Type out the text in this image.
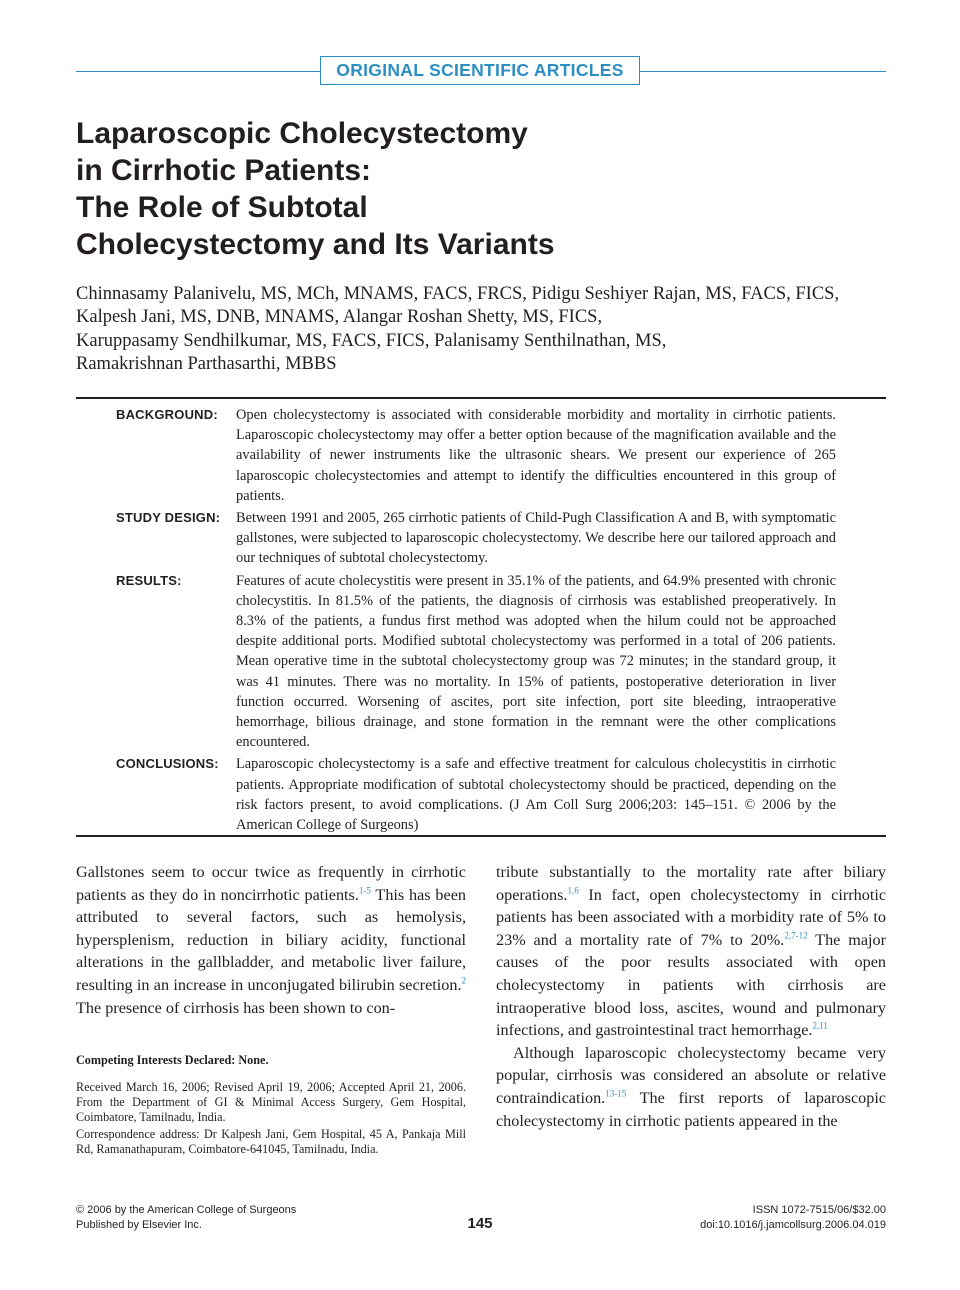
ORIGINAL SCIENTIFIC ARTICLES
Laparoscopic Cholecystectomy
in Cirrhotic Patients:
The Role of Subtotal
Cholecystectomy and Its Variants
Chinnasamy Palanivelu, MS, MCh, MNAMS, FACS, FRCS, Pidigu Seshiyer Rajan, MS, FACS, FICS,
Kalpesh Jani, MS, DNB, MNAMS, Alangar Roshan Shetty, MS, FICS,
Karuppasamy Sendhilkumar, MS, FACS, FICS, Palanisamy Senthilnathan, MS,
Ramakrishnan Parthasarthi, MBBS
BACKGROUND: Open cholecystectomy is associated with considerable morbidity and mortality in cirrhotic patients. Laparoscopic cholecystectomy may offer a better option because of the magnification available and the availability of newer instruments like the ultrasonic shears. We present our experience of 265 laparoscopic cholecystectomies and attempt to identify the difficulties encountered in this group of patients.
STUDY DESIGN: Between 1991 and 2005, 265 cirrhotic patients of Child-Pugh Classification A and B, with symptomatic gallstones, were subjected to laparoscopic cholecystectomy. We describe here our tailored approach and our techniques of subtotal cholecystectomy.
RESULTS:	Features of acute cholecystitis were present in 35.1% of the patients, and 64.9% presented with chronic cholecystitis. In 81.5% of the patients, the diagnosis of cirrhosis was established preoperatively. In 8.3% of the patients, a fundus first method was adopted when the hilum could not be approached despite additional ports. Modified subtotal cholecystectomy was performed in a total of 206 patients. Mean operative time in the subtotal cholecystectomy group was 72 minutes; in the standard group, it was 41 minutes. There was no mortality. In 15% of patients, postoperative deterioration in liver function occurred. Worsening of ascites, port site infection, port site bleeding, intraoperative hemorrhage, bilious drainage, and stone formation in the remnant were the other complications encountered.
CONCLUSIONS: Laparoscopic cholecystectomy is a safe and effective treatment for calculous cholecystitis in cirrhotic patients. Appropriate modification of subtotal cholecystectomy should be practiced, depending on the risk factors present, to avoid complications. (J Am Coll Surg 2006;203: 145–151. © 2006 by the American College of Surgeons)

Gallstones seem to occur twice as frequently in cirrhotic patients as they do in noncirrhotic patients.$^{1-5}$ This has been attributed to several factors, such as hemolysis, hypersplenism, reduction in biliary acidity, functional alterations in the gallbladder, and metabolic liver failure, resulting in an increase in unconjugated bilirubin secretion.$^2$ The presence of cirrhosis has been shown to con-

tribute substantially to the mortality rate after biliary operations.$^{1,6}$ In fact, open cholecystectomy in cirrhotic patients has been associated with a morbidity rate of 5% to 23% and a mortality rate of 7% to 20%.$^{2,7-12}$ The major causes of the poor results associated with open cholecystectomy in patients with cirrhosis are intraoperative blood loss, ascites, wound and pulmonary infections, and gastrointestinal tract hemorrhage.$^{2,11}$

Although laparoscopic cholecystectomy became very popular, cirrhosis was considered an absolute or relative contraindication.$^{13-15}$ The first reports of laparoscopic cholecystectomy in cirrhotic patients appeared in the

Competing Interests Declared: None.
Received March 16, 2006; Revised April 19, 2006; Accepted April 21, 2006. From the Department of GI & Minimal Access Surgery, Gem Hospital, Coimbatore, Tamilnadu, India.
Correspondence address: Dr Kalpesh Jani, Gem Hospital, 45 A, Pankaja Mill Rd, Ramanathapuram, Coimbatore-641045, Tamilnadu, India.
© 2006 by the American College of Surgeons
Published by Elsevier Inc.	145
ISSN 1072-7515/06/$32.00
doi:10.1016/j.jamcollsurg.2006.04.019
